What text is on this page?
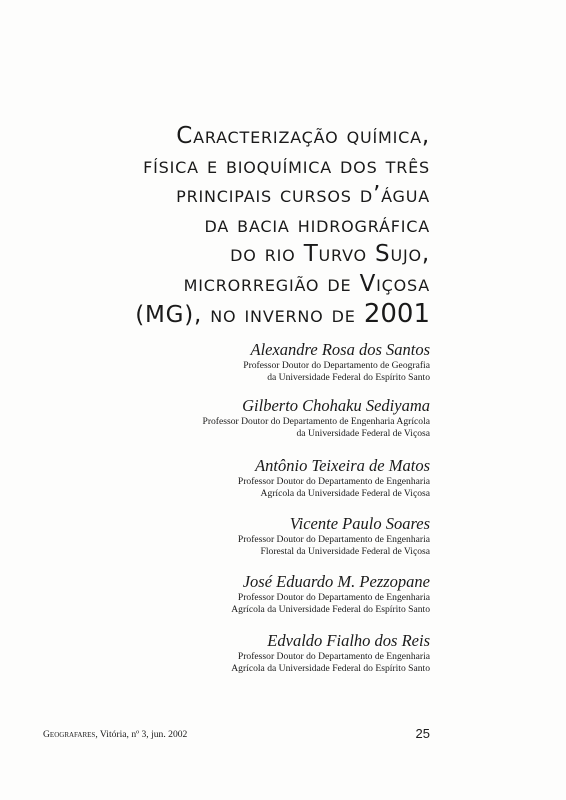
Caracterização química,
física e bioquímica dos três
principais cursos d’água
da bacia hidrográfica
do rio Turvo Sujo,
microrregião de Viçosa
(MG), no inverno de 2001
Alexandre Rosa dos Santos
Professor Doutor do Departamento de Geografia
da Universidade Federal do Espírito Santo
Gilberto Chohaku Sediyama
Professor Doutor do Departamento de Engenharia Agrícola
da Universidade Federal de Viçosa
Antônio Teixeira de Matos
Professor Doutor do Departamento de Engenharia
Agrícola da Universidade Federal de Viçosa
Vicente Paulo Soares
Professor Doutor do Departamento de Engenharia
Florestal da Universidade Federal de Viçosa
José Eduardo M. Pezzopane
Professor Doutor do Departamento de Engenharia
Agrícola da Universidade Federal do Espírito Santo
Edvaldo Fialho dos Reis
Professor Doutor do Departamento de Engenharia
Agrícola da Universidade Federal do Espírito Santo
Geografares, Vitória, nº 3, jun. 2002	25
